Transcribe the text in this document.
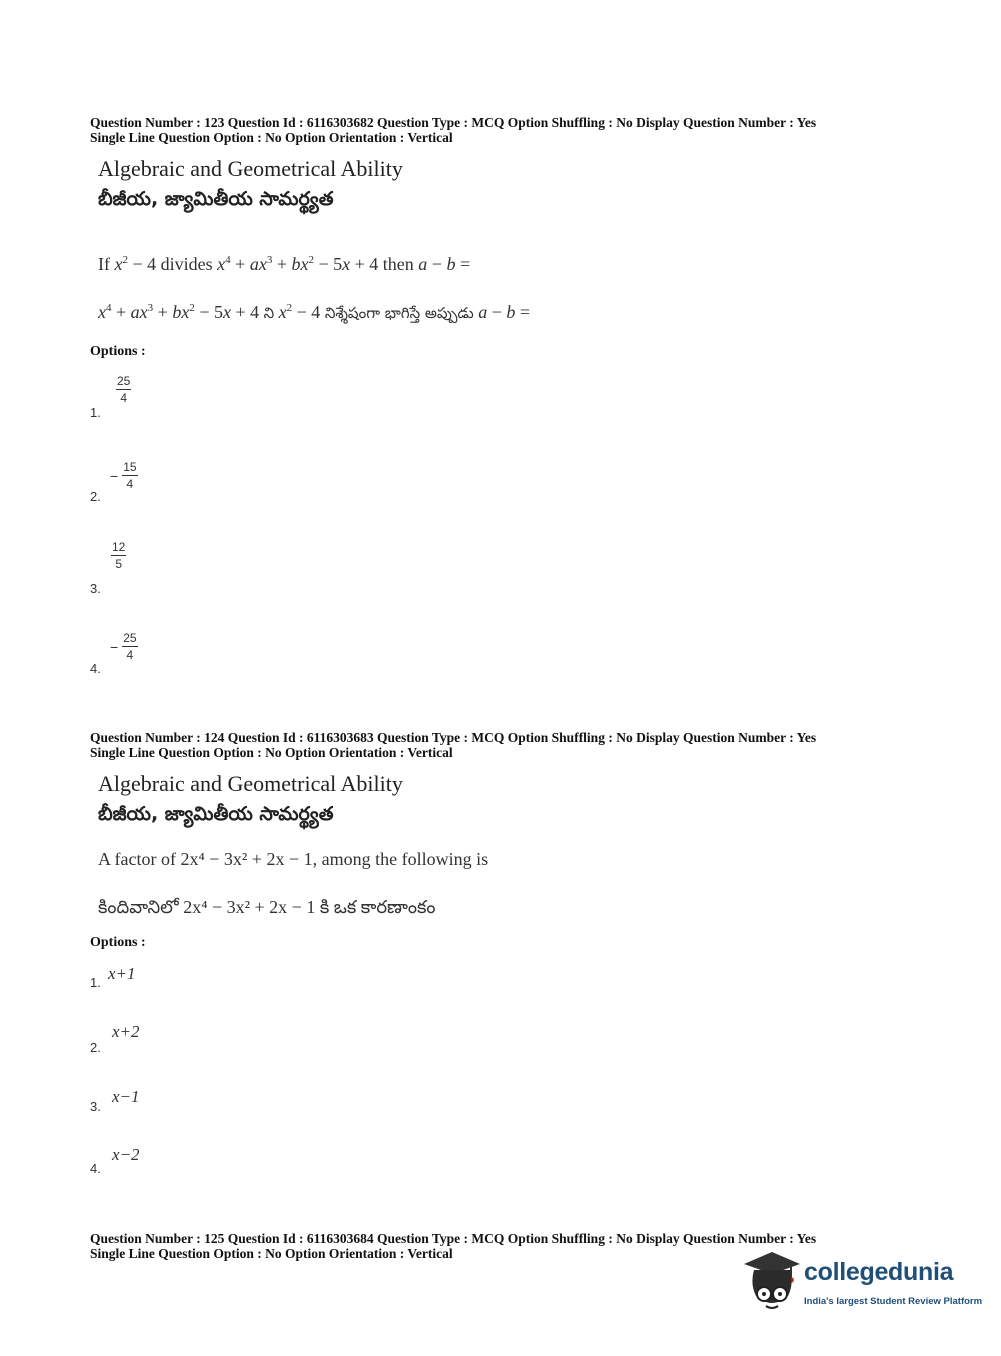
Question Number : 123 Question Id : 6116303682 Question Type : MCQ Option Shuffling : No Display Question Number : Yes
Single Line Question Option : No Option Orientation : Vertical
Algebraic and Geometrical Ability
బీజీయ, జ్యామితీయ సామర్థ్యత
If $x^2 - 4$ divides $x^4 + ax^3 + bx^2 - 5x + 4$ then a − b =
$x^4 + ax^3 + bx^2 - 5x + 4$ ని $x^2 - 4$ నిశ్శేషంగా భాగిస్తే అప్పుడు a − b =
Options :
$\frac{25}{4}$
1.
− $\frac{15}{4}$
2.
$\frac{12}{5}$
3.
− $\frac{25}{4}$
4.
Question Number : 124 Question Id : 6116303683 Question Type : MCQ Option Shuffling : No Display Question Number : Yes
Single Line Question Option : No Option Orientation : Vertical
Algebraic and Geometrical Ability
బీజీయ, జ్యామితీయ సామర్థ్యత
A factor of 2x⁴ − 3x² + 2x − 1, among the following is
కిందివానిలో 2x⁴ − 3x² + 2x − 1 కి ఒక కారణాంకం
Options :
x+1
1.
x+2
2.
x−1
3.
x−2
4.
Question Number : 125 Question Id : 6116303684 Question Type : MCQ Option Shuffling : No Display Question Number : Yes
Single Line Question Option : No Option Orientation : Vertical
collegedunia
India's largest Student Review Platform
